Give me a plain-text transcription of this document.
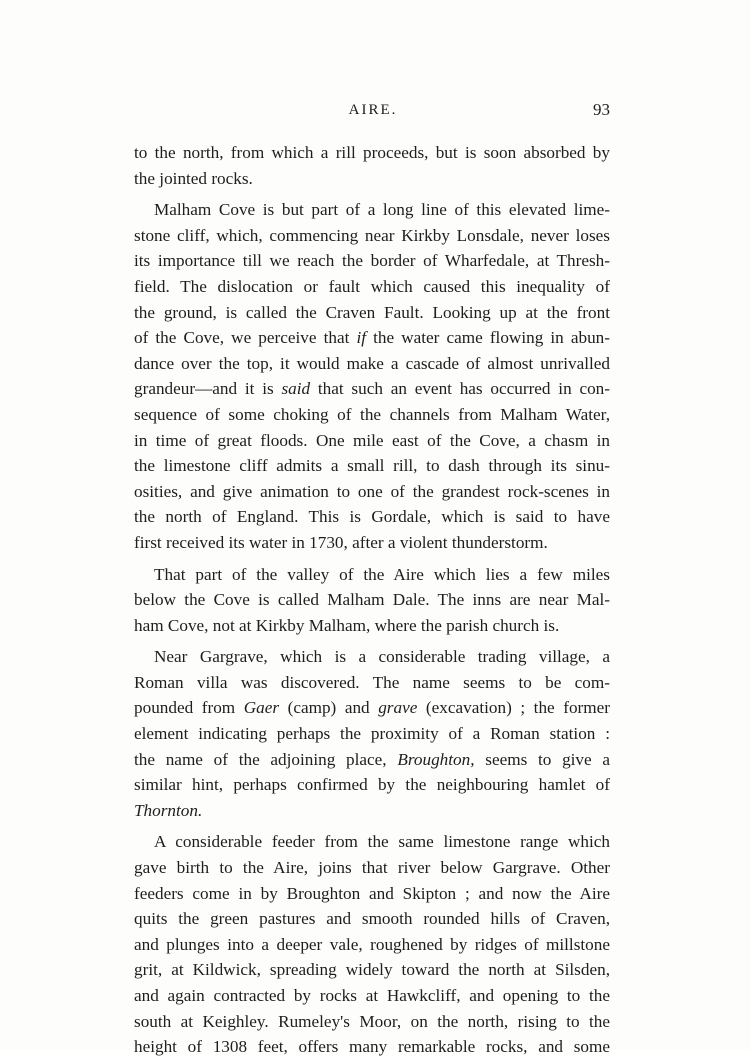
AIRE.	93
to the north, from which a rill proceeds, but is soon absorbed by
the jointed rocks.
Malham Cove is but part of a long line of this elevated lime-
stone cliff, which, commencing near Kirkby Lonsdale, never loses
its importance till we reach the border of Wharfedale, at Thresh-
field. The dislocation or fault which caused this inequality of
the ground, is called the Craven Fault. Looking up at the front
of the Cove, we perceive that if the water came flowing in abun-
dance over the top, it would make a cascade of almost unrivalled
grandeur—and it is said that such an event has occurred in con-
sequence of some choking of the channels from Malham Water,
in time of great floods. One mile east of the Cove, a chasm in
the limestone cliff admits a small rill, to dash through its sinu-
osities, and give animation to one of the grandest rock-scenes in
the north of England. This is Gordale, which is said to have
first received its water in 1730, after a violent thunderstorm.
That part of the valley of the Aire which lies a few miles
below the Cove is called Malham Dale. The inns are near Mal-
ham Cove, not at Kirkby Malham, where the parish church is.
Near Gargrave, which is a considerable trading village, a
Roman villa was discovered. The name seems to be com-
pounded from Gaer (camp) and grave (excavation) ; the former
element indicating perhaps the proximity of a Roman station :
the name of the adjoining place, Broughton, seems to give a
similar hint, perhaps confirmed by the neighbouring hamlet of
Thornton.
A considerable feeder from the same limestone range which
gave birth to the Aire, joins that river below Gargrave. Other
feeders come in by Broughton and Skipton ; and now the Aire
quits the green pastures and smooth rounded hills of Craven,
and plunges into a deeper vale, roughened by ridges of millstone
grit, at Kildwick, spreading widely toward the north at Silsden,
and again contracted by rocks at Hawkcliff, and opening to the
south at Keighley. Rumeley's Moor, on the north, rising to the
height of 1308 feet, offers many remarkable rocks, and some
